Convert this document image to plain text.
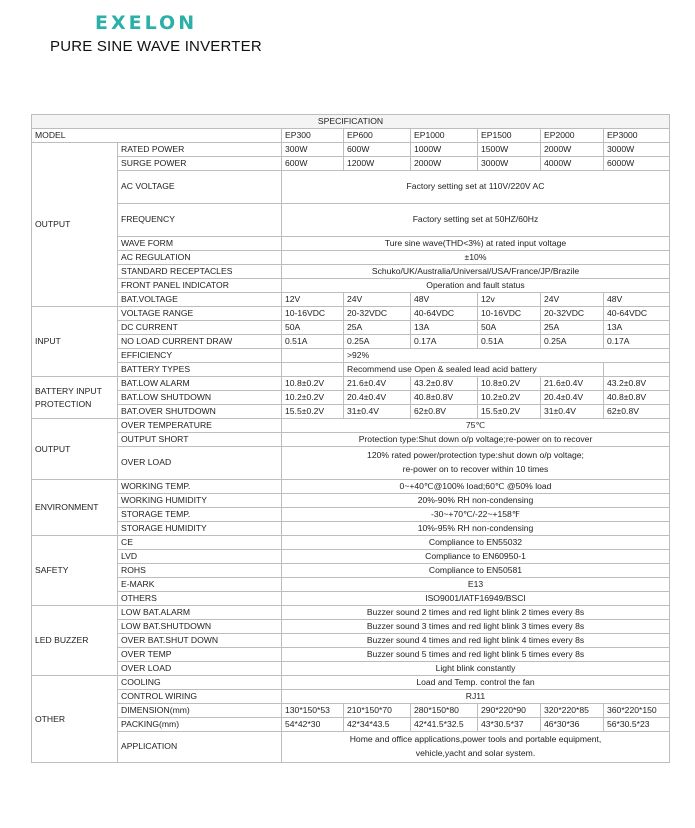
EXELON
PURE SINE WAVE INVERTER
SPECIFICATION							
MODEL		EP300	EP600	EP1000	EP1500	EP2000	EP3000
OUTPUT	RATED POWER	300W	600W	1000W	1500W	2000W	3000W
	SURGE POWER	600W	1200W	2000W	3000W	4000W	6000W
	AC VOLTAGE	Factory setting set at 110V/220V AC					
	FREQUENCY	Factory setting set at 50HZ/60Hz					
	WAVE FORM	Ture sine wave(THD<3%) at rated input voltage					
	AC REGULATION	±10%					
	STANDARD RECEPTACLES	Schuko/UK/Australia/Universal/USA/France/JP/Brazile					
	FRONT PANEL INDICATOR	Operation and fault status					
	BAT.VOLTAGE	12V	24V	48V	12v	24V	48V
INPUT	VOLTAGE RANGE	10-16VDC	20-32VDC	40-64VDC	10-16VDC	20-32VDC	40-64VDC
	DC CURRENT	50A	25A	13A	50A	25A	13A
	NO LOAD CURRENT DRAW	0.51A	0.25A	0.17A	0.51A	0.25A	0.17A
	EFFICIENCY		>92%				
	BATTERY TYPES		Recommend use Open & sealed lead acid battery				
BATTERY INPUT
PROTECTION	BAT.LOW ALARM	10.8±0.2V	21.6±0.4V	43.2±0.8V	10.8±0.2V	21.6±0.4V	43.2±0.8V
	BAT.LOW SHUTDOWN	10.2±0.2V	20.4±0.4V	40.8±0.8V	10.2±0.2V	20.4±0.4V	40.8±0.8V
	BAT.OVER SHUTDOWN	15.5±0.2V	31±0.4V	62±0.8V	15.5±0.2V	31±0.4V	62±0.8V
OUTPUT	OVER TEMPERATURE	75℃					
	OUTPUT SHORT	Protection type:Shut down o/p voltage;re-power on to recover					
	OVER LOAD	120% rated power/protection type:shut down o/p voltage;
re-power on to recover within 10 times					
ENVIRONMENT	WORKING TEMP.	0~+40℃@100% load;60℃ @50% load					
	WORKING HUMIDITY	20%-90% RH non-condensing					
	STORAGE TEMP.	-30~+70℃/-22~+158℉					
	STORAGE HUMIDITY	10%-95% RH non-condensing					
SAFETY	CE	Compliance to EN55032					
	LVD	Compliance to EN60950-1					
	ROHS	Compliance to EN50581					
	E-MARK	E13					
	OTHERS	ISO9001/IATF16949/BSCI					
LED BUZZER	LOW BAT.ALARM	Buzzer sound 2 times and red light blink 2 times every 8s					
	LOW BAT.SHUTDOWN	Buzzer sound 3 times and red light blink 3 times every 8s					
	OVER BAT.SHUT DOWN	Buzzer sound 4 times and red light blink 4 times every 8s					
	OVER TEMP	Buzzer sound 5 times and red light blink 5 times every 8s					
	OVER LOAD	Light blink constantly					
OTHER	COOLING	Load and Temp. control the fan					
	CONTROL WIRING	RJ11					
	DIMENSION(mm)	130*150*53	210*150*70	280*150*80	290*220*90	320*220*85	360*220*150
	PACKING(mm)	54*42*30	42*34*43.5	42*41.5*32.5	43*30.5*37	46*30*36	56*30.5*23
	APPLICATION	Home and office applications,power tools and portable equipment,
vehicle,yacht and solar system.					
